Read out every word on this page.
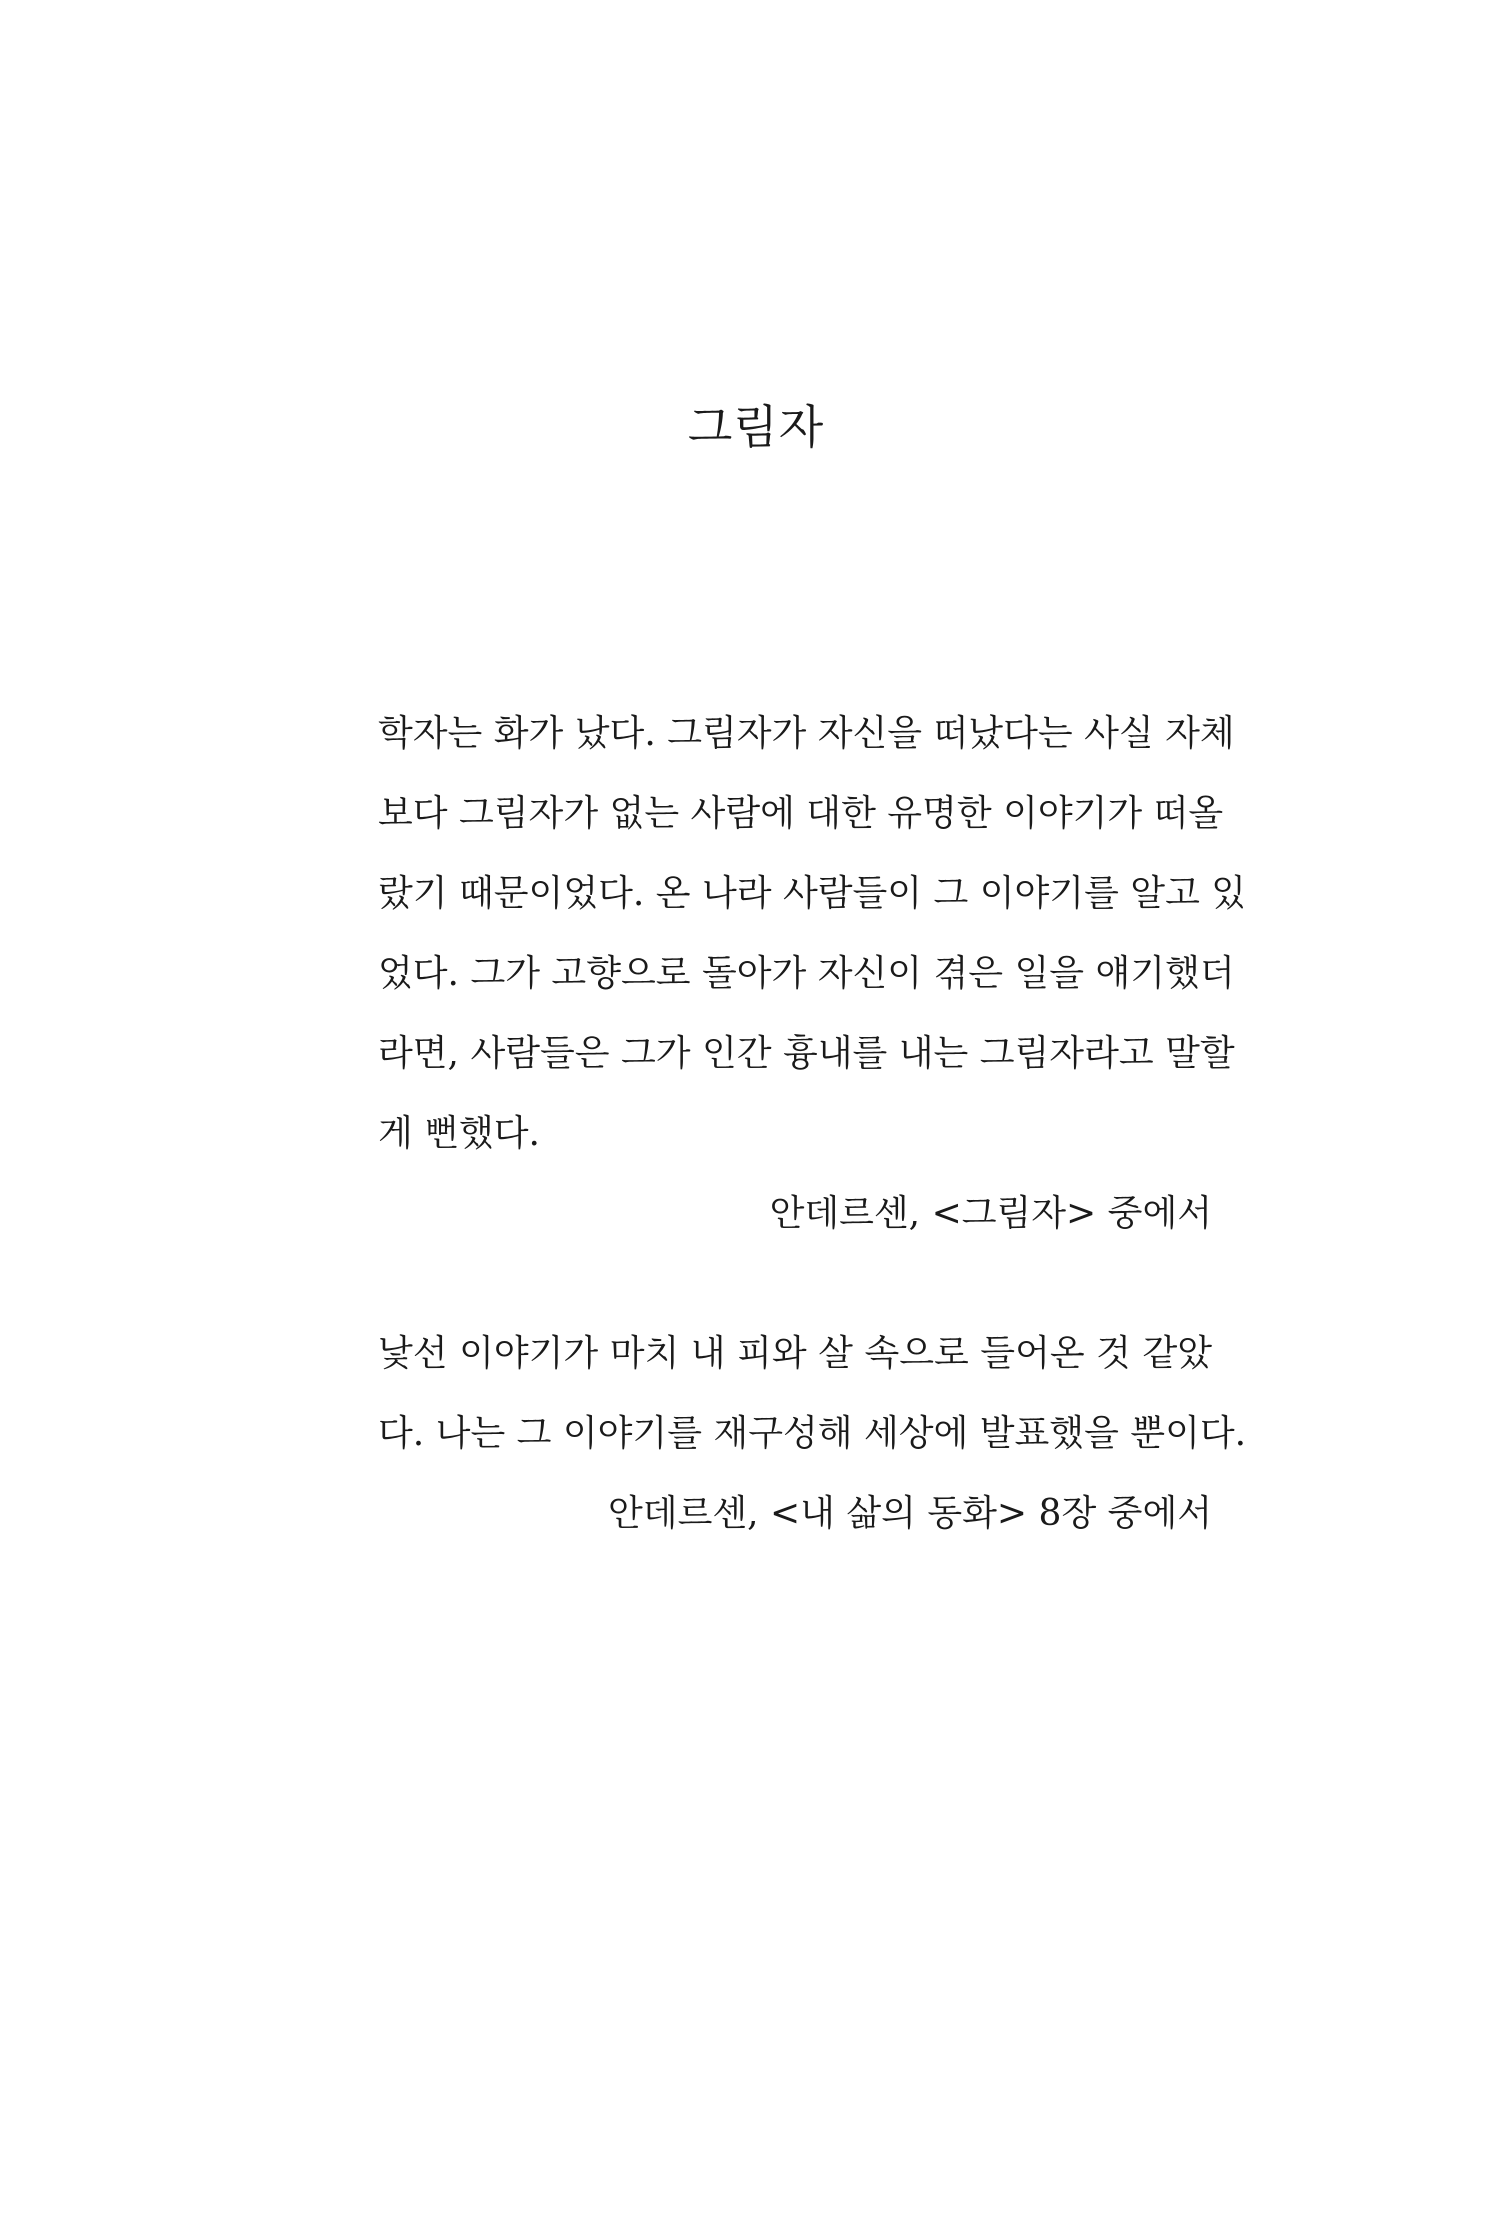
그림자
학자는 화가 났다. 그림자가 자신을 떠났다는 사실 자체
보다 그림자가 없는 사람에 대한 유명한 이야기가 떠올
랐기 때문이었다. 온 나라 사람들이 그 이야기를 알고 있
었다. 그가 고향으로 돌아가 자신이 겪은 일을 얘기했더
라면, 사람들은 그가 인간 흉내를 내는 그림자라고 말할
게 뻔했다.
안데르센, <그림자> 중에서
낯선 이야기가 마치 내 피와 살 속으로 들어온 것 같았
다. 나는 그 이야기를 재구성해 세상에 발표했을 뿐이다.
안데르센, <내 삶의 동화> 8장 중에서
